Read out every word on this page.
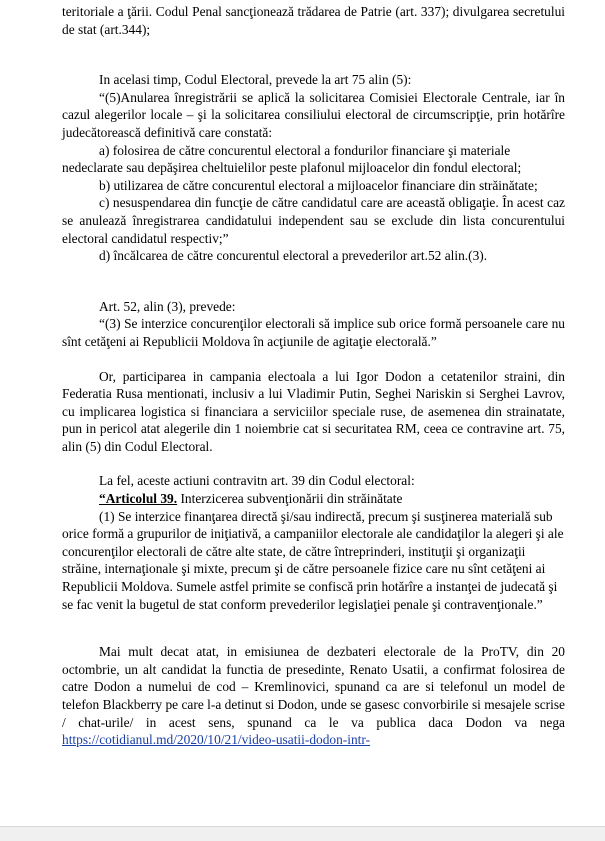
teritoriale a ţării. Codul Penal sancţionează trădarea de Patrie (art. 337); divulgarea secretului de stat (art.344);

In acelasi timp, Codul Electoral, prevede la art 75 alin (5):

“(5)Anularea înregistrării se aplică la solicitarea Comisiei Electorale Centrale, iar în cazul alegerilor locale – şi la solicitarea consiliului electoral de circumscripţie, prin hotărîre judecătorească definitivă care constată:

a) folosirea de către concurentul electoral a fondurilor financiare şi materiale nedeclarate sau depăşirea cheltuielilor peste plafonul mijloacelor din fondul electoral;

b) utilizarea de către concurentul electoral a mijloacelor financiare din străinătate;

c) nesuspendarea din funcţie de către candidatul care are această obligaţie. În acest caz se anulează înregistrarea candidatului independent sau se exclude din lista concurentului electoral candidatul respectiv;”

d) încălcarea de către concurentul electoral a prevederilor art.52 alin.(3).

Art. 52, alin (3), prevede:

“(3) Se interzice concurenţilor electorali să implice sub orice formă persoanele care nu sînt cetăţeni ai Republicii Moldova în acţiunile de agitaţie electorală.”

Or, participarea in campania electoala a lui Igor Dodon a cetatenilor straini, din Federatia Rusa mentionati, inclusiv a lui Vladimir Putin, Seghei Nariskin si Serghei Lavrov, cu implicarea logistica si financiara a serviciilor speciale ruse, de asemenea din strainatate, pun in pericol atat alegerile din 1 noiembrie cat si securitatea RM, ceea ce contravine art. 75, alin (5) din Codul Electoral.

La fel, aceste actiuni contravitn art. 39 din Codul electoral:

“Articolul 39. Interzicerea subvenţionării din străinătate

(1) Se interzice finanţarea directă şi/sau indirectă, precum şi susţinerea materială sub orice formă a grupurilor de iniţiativă, a campaniilor electorale ale candidaţilor la alegeri şi ale concurenţilor electorali de către alte state, de către întreprinderi, instituţii şi organizaţii străine, internaţionale şi mixte, precum şi de către persoanele fizice care nu sînt cetăţeni ai Republicii Moldova. Sumele astfel primite se confiscă prin hotărîre a instanţei de judecată şi se fac venit la bugetul de stat conform prevederilor legislaţiei penale şi contravenţionale.”

Mai mult decat atat, in emisiunea de dezbateri electorale de la ProTV, din 20 octombrie, un alt candidat la functia de presedinte, Renato Usatii, a confirmat folosirea de catre Dodon a numelui de cod – Kremlinovici, spunand ca are si telefonul un model de telefon Blackberry pe care l-a detinut si Dodon, unde se gasesc convorbirile si mesajele scrise / chat-urile/ in acest sens, spunand ca le va publica daca Dodon va nega https://cotidianul.md/2020/10/21/video-usatii-dodon-intr-
